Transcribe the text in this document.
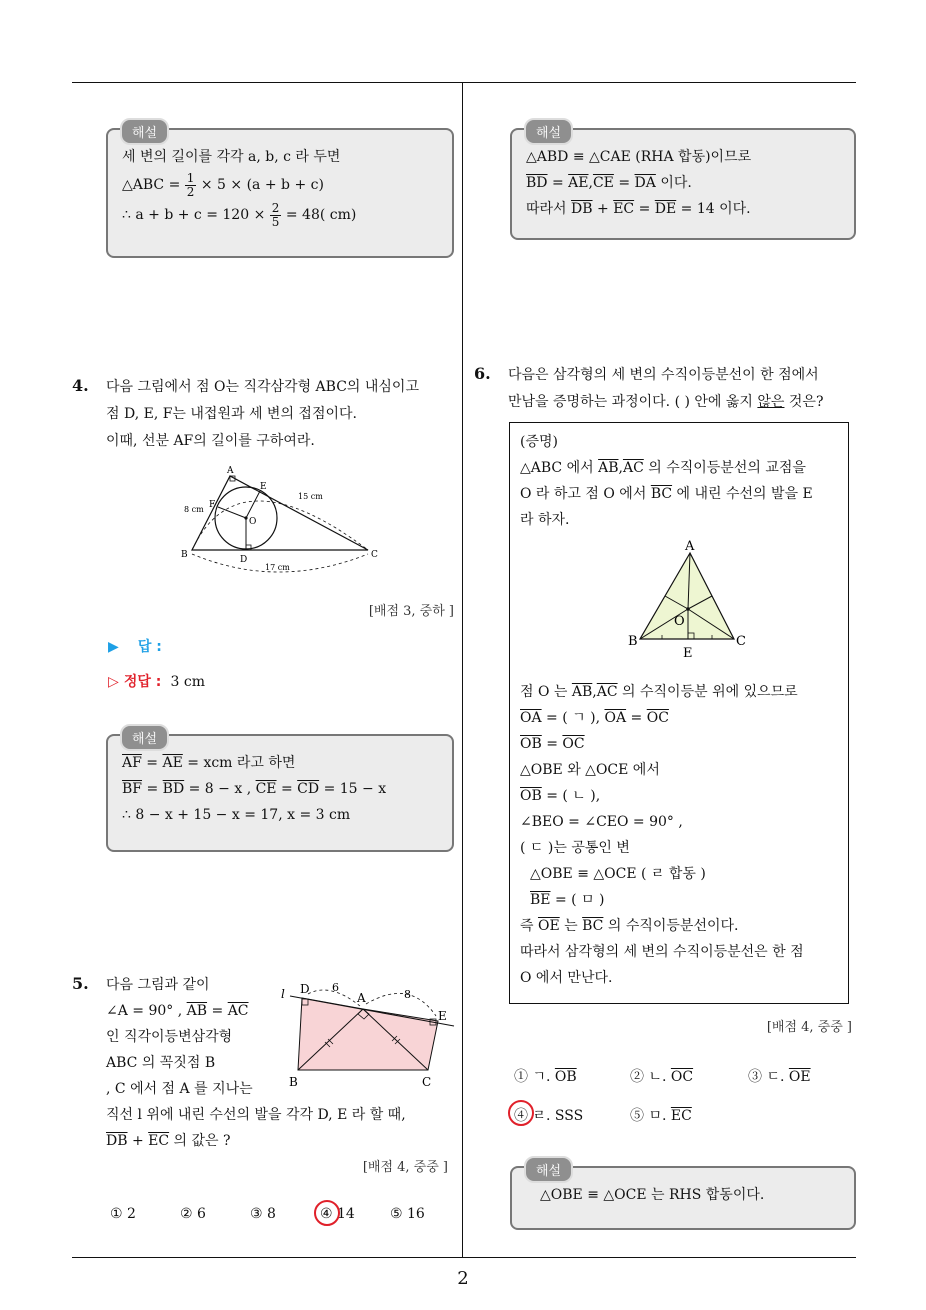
해설
세 변의 길이를 각각 a, b, c 라 두면
△ABC = $\frac{1}{2} \times 5 \times (a + b + c)$
∴ $a + b + c = 120 \times \frac{2}{5} = 48$( cm)
4. 다음 그림에서 점 O는 직각삼각형 ABC의 내심이고
점 D, E, F는 내접원과 세 변의 접점이다.
이때, 선분 AF의 길이를 구하여라.
A
B	C
D
E
F
O
8 cm
15 cm
17 cm
[배점 3, 중하 ]
▶ 답 :
▷ 정답 : 3 cm
해설
$\overline{AF} = \overline{AE}$ = xcm 라고 하면
$\overline{BF} = \overline{BD} = 8 - x$ , $\overline{CE} = \overline{CD} = 15 - x$
∴ 8 − x + 15 − x = 17, x = 3 cm
5. 다음 그림과 같이
∠A = 90° , $\overline{AB} = \overline{AC}$
인 직각이등변삼각형
ABC 의 꼭짓점 B
, C 에서 점 A 를 지나는
직선 l 위에 내린 수선의 발을 각각 D, E 라 할 때,
$\overline{DB} + \overline{EC}$ 의 값은 ?
l D 6
A	8
E
B	C
[배점 4, 중중 ]
① 2	② 6	③ 8	④ 14	⑤ 16
해설
△ABD ≡ △CAE (RHA 합동)이므로
$\overline{BD} = \overline{AE},\overline{CE} = \overline{DA}$ 이다.
따라서 $\overline{DB} + \overline{EC} = \overline{DE} = 14$ 이다.
6. 다음은 삼각형의 세 변의 수직이등분선이 한 점에서
만남을 증명하는 과정이다. ( ) 안에 옳지 않은 것은?
(증명)
△ABC 에서 $\overline{AB},\overline{AC}$ 의 수직이등분선의 교점을
O 라 하고 점 O 에서 $\overline{BC}$ 에 내린 수선의 발을 E
라 하자.
A
B	C
O
E
점 O 는 $\overline{AB},\overline{AC}$ 의 수직이등분 위에 있으므로
$\overline{OA}$ = ( ㄱ ), $\overline{OA} = \overline{OC}$
$\overline{OB} = \overline{OC}$
△OBE 와 △OCE 에서
$\overline{OB}$ = ( ㄴ ),
∠BEO = ∠CEO = 90° ,
( ㄷ )는 공통인 변
△OBE ≡ △OCE ( ㄹ 합동 )
$\overline{BE}$ = ( ㅁ )
즉 $\overline{OE}$ 는 $\overline{BC}$ 의 수직이등분선이다.
따라서 삼각형의 세 변의 수직이등분선은 한 점
O 에서 만난다.
[배점 4, 중중 ]
① ㄱ. $\overline{OB}$	② ㄴ. $\overline{OC}$	③ ㄷ. $\overline{OE}$
④ ㄹ. SSS	⑤ ㅁ. $\overline{EC}$
해설
△OBE ≡ △OCE 는 RHS 합동이다.
2
